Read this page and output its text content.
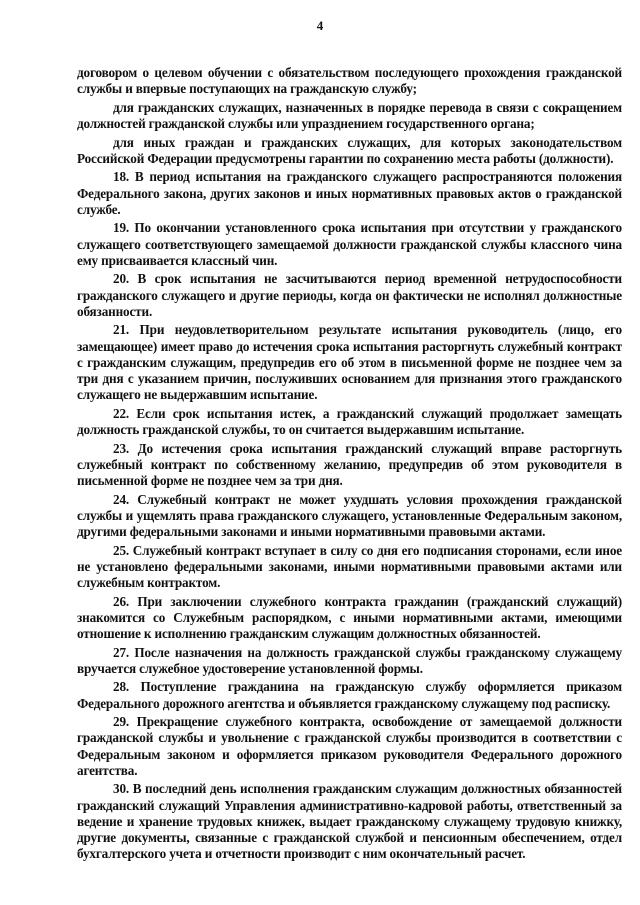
4

договором о целевом обучении с обязательством последующего прохождения гражданской службы и впервые поступающих на гражданскую службу;

для гражданских служащих, назначенных в порядке перевода в связи с сокращением должностей гражданской службы или упразднением государственного органа;

для иных граждан и гражданских служащих, для которых законодательством Российской Федерации предусмотрены гарантии по сохранению места работы (должности).

18. В период испытания на гражданского служащего распространяются положения Федерального закона, других законов и иных нормативных правовых актов о гражданской службе.

19. По окончании установленного срока испытания при отсутствии у гражданского служащего соответствующего замещаемой должности гражданской службы классного чина ему присваивается классный чин.

20. В срок испытания не засчитываются период временной нетрудоспособности гражданского служащего и другие периоды, когда он фактически не исполнял должностные обязанности.

21. При неудовлетворительном результате испытания руководитель (лицо, его замещающее) имеет право до истечения срока испытания расторгнуть служебный контракт с гражданским служащим, предупредив его об этом в письменной форме не позднее чем за три дня с указанием причин, послуживших основанием для признания этого гражданского служащего не выдержавшим испытание.

22. Если срок испытания истек, а гражданский служащий продолжает замещать должность гражданской службы, то он считается выдержавшим испытание.

23. До истечения срока испытания гражданский служащий вправе расторгнуть служебный контракт по собственному желанию, предупредив об этом руководителя в письменной форме не позднее чем за три дня.

24. Служебный контракт не может ухудшать условия прохождения гражданской службы и ущемлять права гражданского служащего, установленные Федеральным законом, другими федеральными законами и иными нормативными правовыми актами.

25. Служебный контракт вступает в силу со дня его подписания сторонами, если иное не установлено федеральными законами, иными нормативными правовыми актами или служебным контрактом.

26. При заключении служебного контракта гражданин (гражданский служащий) знакомится со Служебным распорядком, с иными нормативными актами, имеющими отношение к исполнению гражданским служащим должностных обязанностей.

27. После назначения на должность гражданской службы гражданскому служащему вручается служебное удостоверение установленной формы.

28. Поступление гражданина на гражданскую службу оформляется приказом Федерального дорожного агентства и объявляется гражданскому служащему под расписку.

29. Прекращение служебного контракта, освобождение от замещаемой должности гражданской службы и увольнение с гражданской службы производится в соответствии с Федеральным законом и оформляется приказом руководителя Федерального дорожного агентства.

30. В последний день исполнения гражданским служащим должностных обязанностей гражданский служащий Управления административно-кадровой работы, ответственный за ведение и хранение трудовых книжек, выдает гражданскому служащему трудовую книжку, другие документы, связанные с гражданской службой и пенсионным обеспечением, отдел бухгалтерского учета и отчетности производит с ним окончательный расчет.
